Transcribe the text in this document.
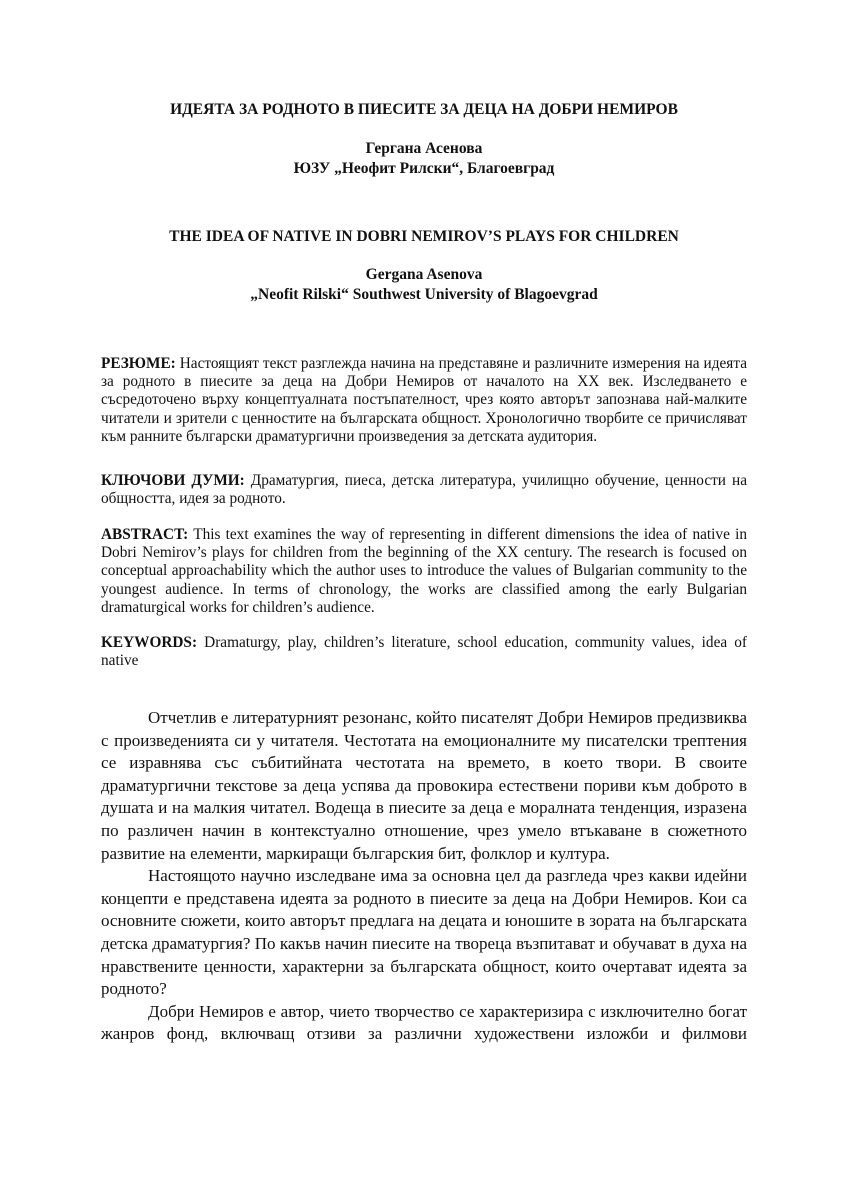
ИДЕЯТА ЗА РОДНОТО В ПИЕСИТЕ ЗА ДЕЦА НА ДОБРИ НЕМИРОВ
Гергана Асенова
ЮЗУ „Неофит Рилски“, Благоевград
THE IDEA OF NATIVE IN DOBRI NEMIROV’S PLAYS FOR CHILDREN
Gergana Asenova
„Neofit Rilski“ Southwest University of Blagoevgrad
РЕЗЮМЕ: Настоящият текст разглежда начина на представяне и различните измерения на идеята за родното в пиесите за деца на Добри Немиров от началото на XX век. Изследването е съсредоточено върху концептуалната постъпателност, чрез която авторът запознава най-малките читатели и зрители с ценностите на българската общност. Хронологично творбите се причисляват към ранните български драматургични произведения за детската аудитория.
КЛЮЧОВИ ДУМИ: Драматургия, пиеса, детска литература, училищно обучение, ценности на общността, идея за родното.
ABSTRACT: This text examines the way of representing in different dimensions the idea of native in Dobri Nemirov’s plays for children from the beginning of the XX century. The research is focused on conceptual approachability which the author uses to introduce the values of Bulgarian community to the youngest audience. In terms of chronology, the works are classified among the early Bulgarian dramaturgical works for children’s audience.
KEYWORDS: Dramaturgy, play, children’s literature, school education, community values, idea of native

Отчетлив е литературният резонанс, който писателят Добри Немиров предизвиква с произведенията си у читателя. Честотата на емоционалните му писателски трептения се изравнява със събитийната честотата на времето, в което твори. В своите драматургични текстове за деца успява да провокира естествени пориви към доброто в душата и на малкия читател. Водеща в пиесите за деца е моралната тенденция, изразена по различен начин в контекстуално отношение, чрез умело втъкаване в сюжетното развитие на елементи, маркиращи българския бит, фолклор и култура.

Настоящото научно изследване има за основна цел да разгледа чрез какви идейни концепти е представена идеята за родното в пиесите за деца на Добри Немиров. Кои са основните сюжети, които авторът предлага на децата и юношите в зората на българската детска драматургия? По какъв начин пиесите на твореца възпитават и обучават в духа на нравствените ценности, характерни за българската общност, които очертават идеята за родното?

Добри Немиров е автор, чието творчество се характеризира с изключително богат жанров фонд, включващ отзиви за различни художествени изложби и филмови
